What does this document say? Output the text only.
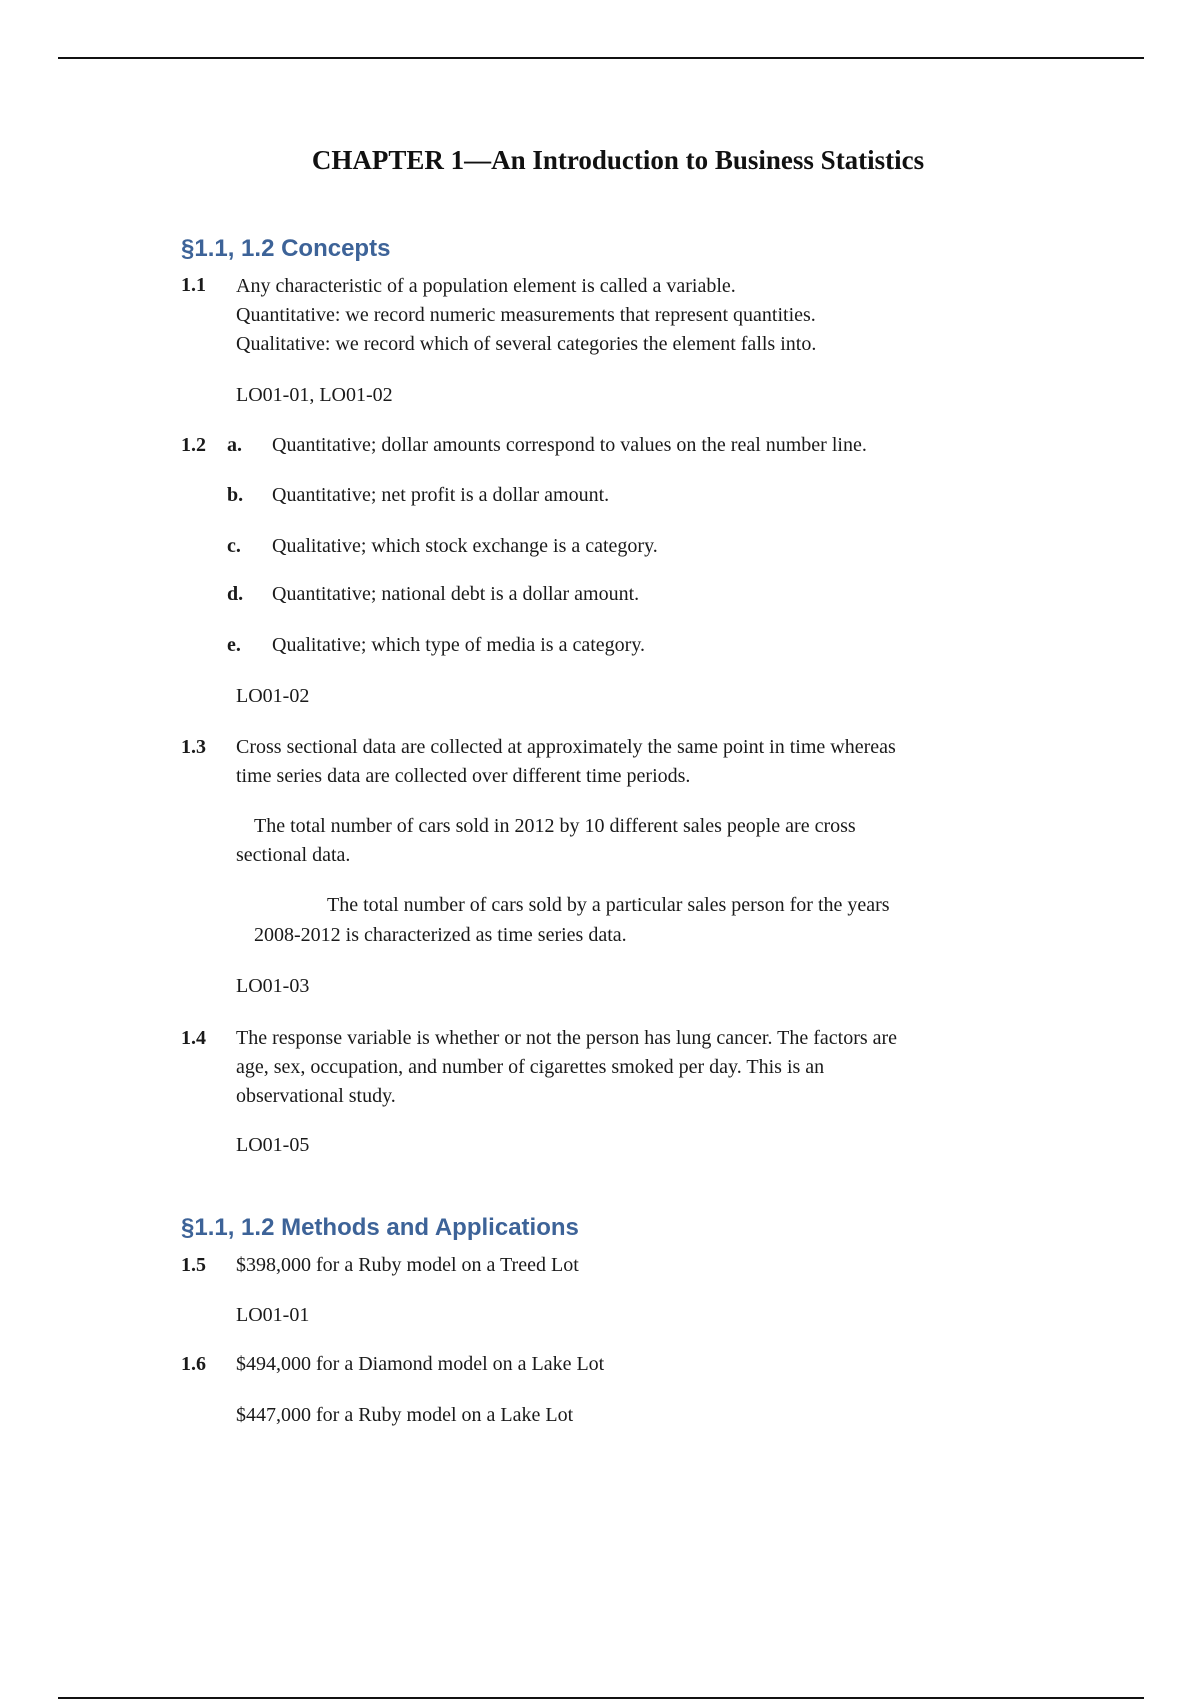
CHAPTER 1—An Introduction to Business Statistics
§1.1, 1.2 Concepts
1.1 Any characteristic of a population element is called a variable.
Quantitative: we record numeric measurements that represent quantities.
Qualitative: we record which of several categories the element falls into.
LO01-01, LO01-02
1.2 a. Quantitative; dollar amounts correspond to values on the real number line.
b. Quantitative; net profit is a dollar amount.
c. Qualitative; which stock exchange is a category.
d. Quantitative; national debt is a dollar amount.
e. Qualitative; which type of media is a category.
LO01-02
1.3 Cross sectional data are collected at approximately the same point in time whereas
time series data are collected over different time periods.
The total number of cars sold in 2012 by 10 different sales people are cross
sectional data.
The total number of cars sold by a particular sales person for the years
2008-2012 is characterized as time series data.
LO01-03
1.4 The response variable is whether or not the person has lung cancer. The factors are
age, sex, occupation, and number of cigarettes smoked per day. This is an
observational study.
LO01-05
§1.1, 1.2 Methods and Applications
1.5 $398,000 for a Ruby model on a Treed Lot
LO01-01
1.6 $494,000 for a Diamond model on a Lake Lot
$447,000 for a Ruby model on a Lake Lot
